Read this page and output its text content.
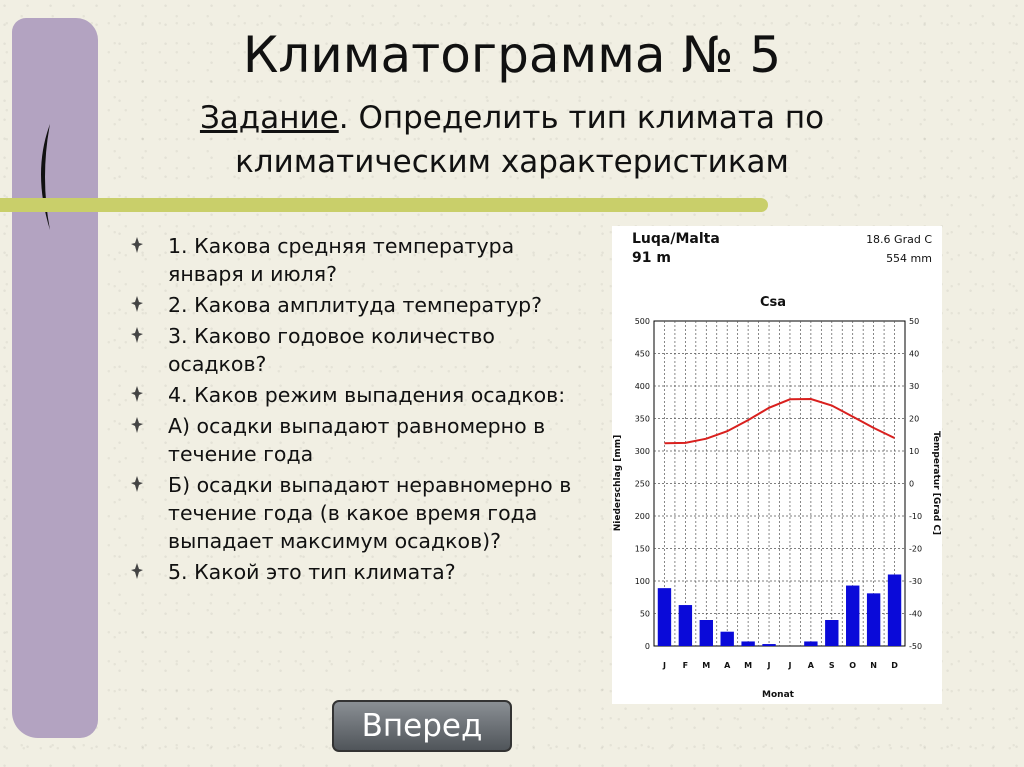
Климатограмма № 5
Задание. Определить тип климата по
климатическим характеристикам
1. Какова средняя температура января и июля?
2. Какова амплитуда температур?
3. Каково годовое количество осадков?
4. Каков режим выпадения осадков:
А) осадки выпадают равномерно в течение года
Б) осадки выпадают неравномерно в течение года (в какое время года выпадает максимум осадков)?
5. Какой это тип климата?
Luqa/Malta
91 m
18.6 Grad C
554 mm
Csa
500	50
450	40
400	30
350	20
300	10
250	0
200	-10
150	-20
100	-30
50	-40
0	-50
J F M A M J J A S O N D
Niederschlag [mm]	Temperatur [Grad C]
Monat
Вперед
